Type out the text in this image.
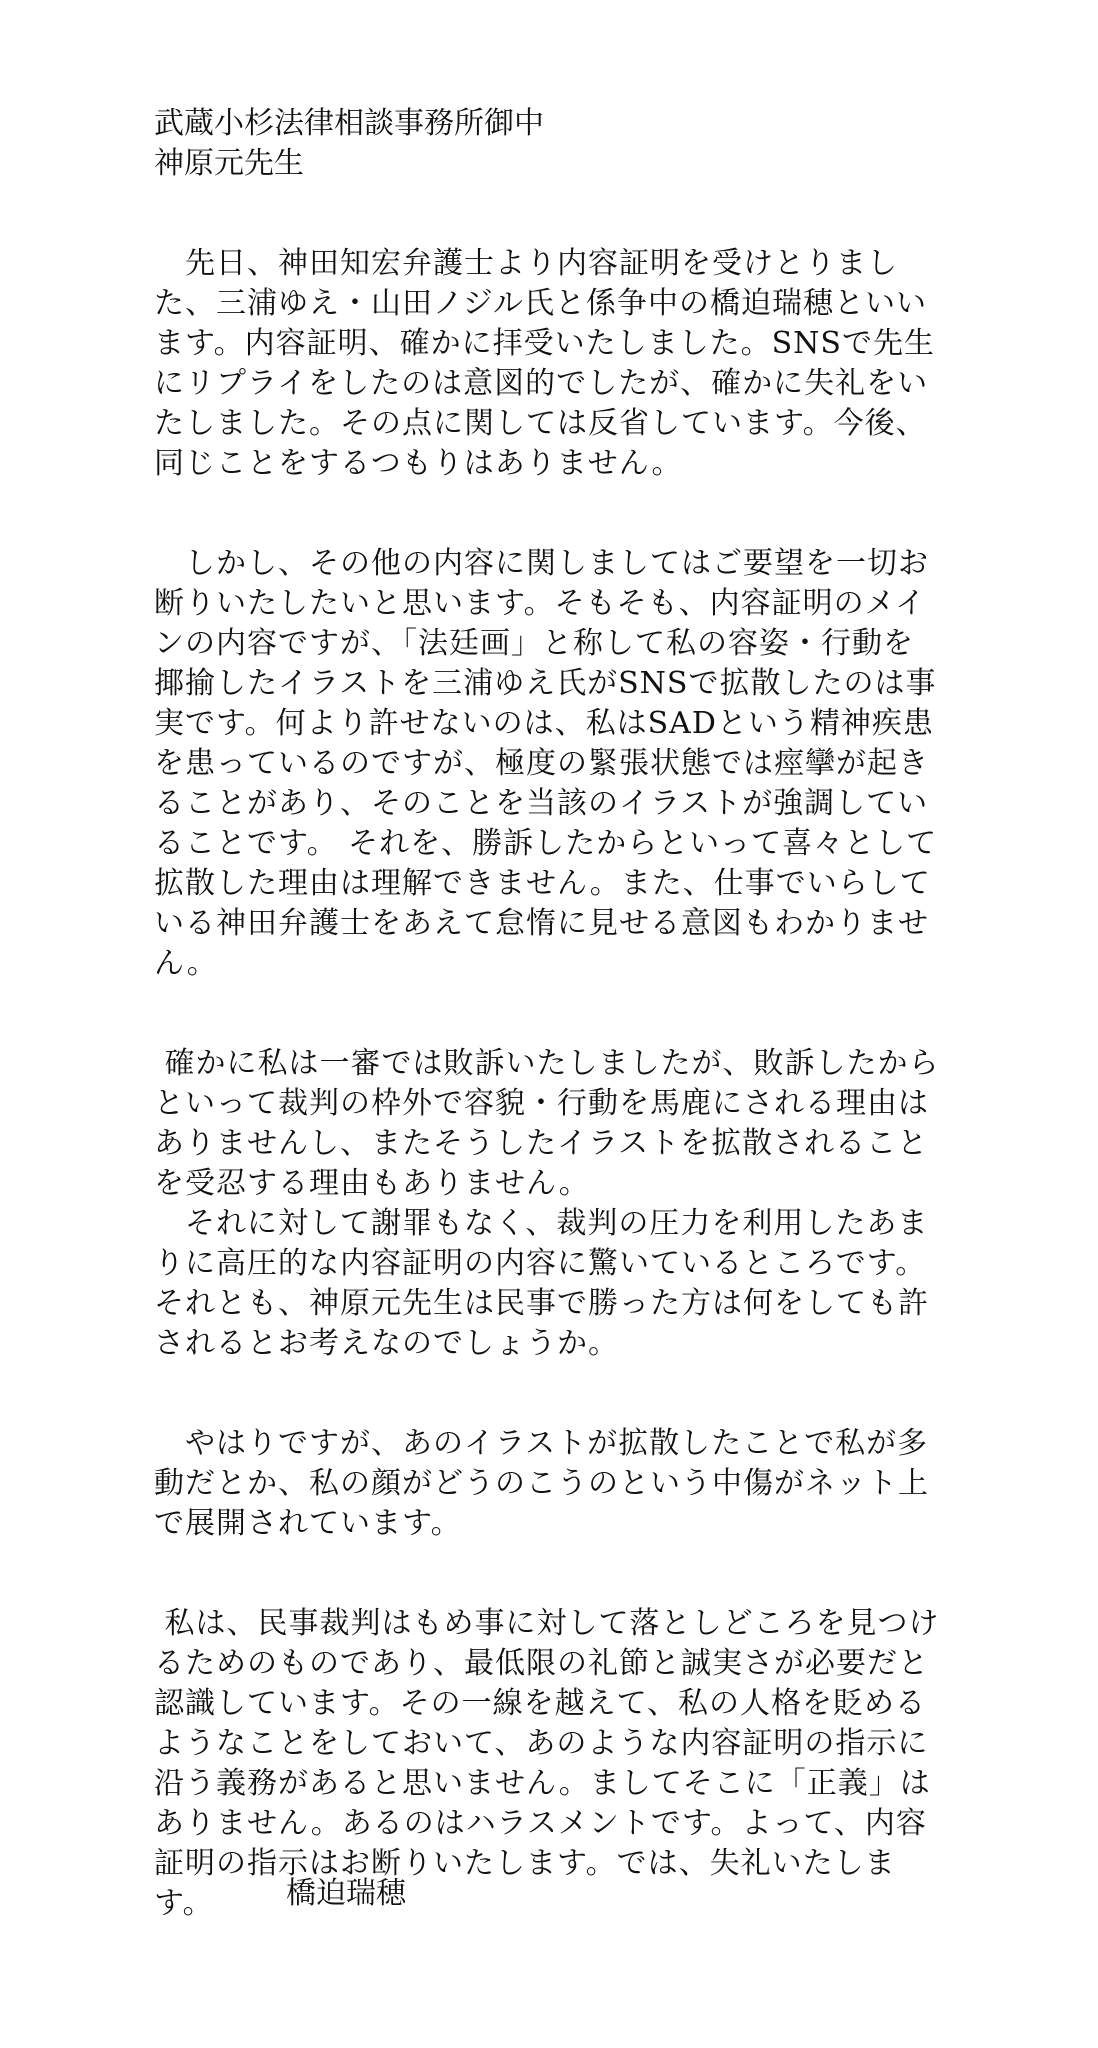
武蔵小杉法律相談事務所御中
神原元先生

　先日、神田知宏弁護士より内容証明を受けとりました、三浦ゆえ・山田ノジル氏と係争中の橋迫瑞穂といいます。内容証明、確かに拝受いたしました。SNSで先生にリプライをしたのは意図的でしたが、確かに失礼をいたしました。その点に関しては反省しています。今後、同じことをするつもりはありません。

　しかし、その他の内容に関しましてはご要望を一切お断りいたしたいと思います。そもそも、内容証明のメインの内容ですが、「法廷画」と称して私の容姿・行動を揶揄したイラストを三浦ゆえ氏がSNSで拡散したのは事実です。何より許せないのは、私はSADという精神疾患を患っているのですが、極度の緊張状態では痙攣が起きることがあり、そのことを当該のイラストが強調していることです。 それを、勝訴したからといって喜々として拡散した理由は理解できません。また、仕事でいらしている神田弁護士をあえて怠惰に見せる意図もわかりません。

確かに私は一審では敗訴いたしましたが、敗訴したからといって裁判の枠外で容貌・行動を馬鹿にされる理由はありませんし、またそうしたイラストを拡散されることを受忍する理由もありません。

　それに対して謝罪もなく、裁判の圧力を利用したあまりに高圧的な内容証明の内容に驚いているところです。それとも、神原元先生は民事で勝った方は何をしても許されるとお考えなのでしょうか。

　やはりですが、あのイラストが拡散したことで私が多動だとか、私の顔がどうのこうのという中傷がネット上で展開されています。

私は、民事裁判はもめ事に対して落としどころを見つけるためのものであり、最低限の礼節と誠実さが必要だと認識しています。その一線を越えて、私の人格を貶めるようなことをしておいて、あのような内容証明の指示に沿う義務があると思いません。ましてそこに「正義」はありません。あるのはハラスメントです。よって、内容証明の指示はお断りいたします。では、失礼いたします。	橋迫瑞穂
